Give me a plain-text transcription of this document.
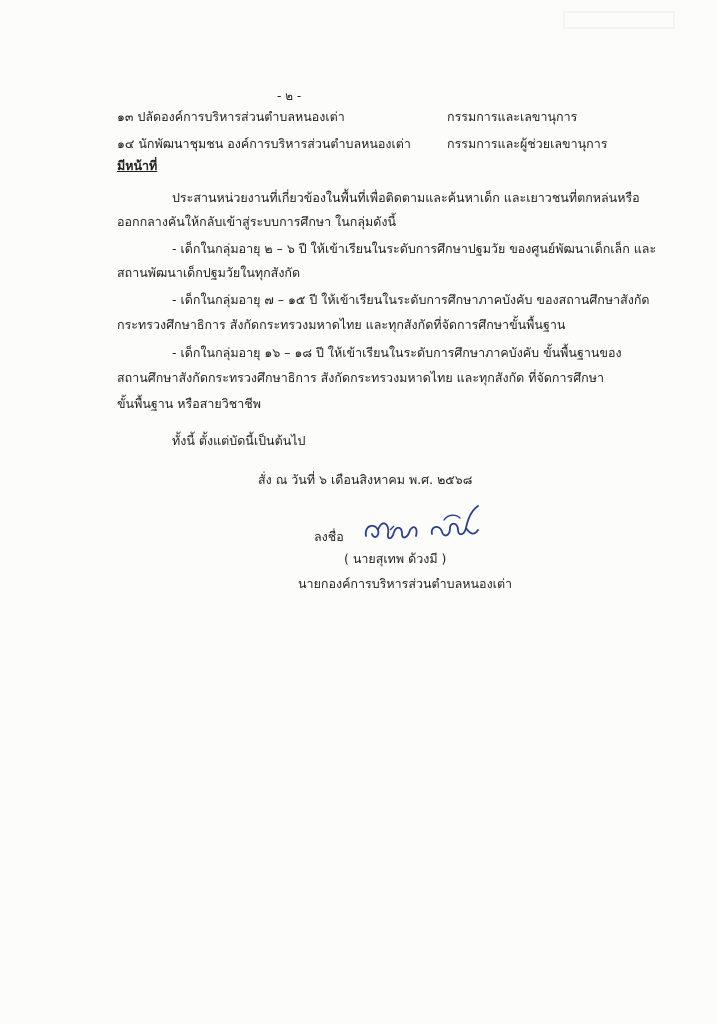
- ๒ -
๑๓ ปลัดองค์การบริหารส่วนตำบลหนองเต่า	กรรมการและเลขานุการ
๑๔ นักพัฒนาชุมชน องค์การบริหารส่วนตำบลหนองเต่า	กรรมการและผู้ช่วยเลขานุการ
มีหน้าที่
ประสานหน่วยงานที่เกี่ยวข้องในพื้นที่เพื่อติดตามและค้นหาเด็ก และเยาวชนที่ตกหล่นหรือ
ออกกลางคันให้กลับเข้าสู่ระบบการศึกษา ในกลุ่มดังนี้
- เด็กในกลุ่มอายุ ๒ – ๖ ปี ให้เข้าเรียนในระดับการศึกษาปฐมวัย ของศูนย์พัฒนาเด็กเล็ก และ
สถานพัฒนาเด็กปฐมวัยในทุกสังกัด
- เด็กในกลุ่มอายุ ๗ – ๑๕ ปี ให้เข้าเรียนในระดับการศึกษาภาคบังคับ ของสถานศึกษาสังกัด
กระทรวงศึกษาธิการ สังกัดกระทรวงมหาดไทย และทุกสังกัดที่จัดการศึกษาขั้นพื้นฐาน
- เด็กในกลุ่มอายุ ๑๖ – ๑๘ ปี ให้เข้าเรียนในระดับการศึกษาภาคบังคับ ขั้นพื้นฐานของ
สถานศึกษาสังกัดกระทรวงศึกษาธิการ สังกัดกระทรวงมหาดไทย และทุกสังกัด ที่จัดการศึกษา
ขั้นพื้นฐาน หรือสายวิชาชีพ
ทั้งนี้ ตั้งแต่บัดนี้เป็นต้นไป
สั่ง ณ วันที่ ๖ เดือนสิงหาคม พ.ศ. ๒๕๖๘
ลงชื่อ
( นายสุเทพ ด้วงมี )
นายกองค์การบริหารส่วนตำบลหนองเต่า
